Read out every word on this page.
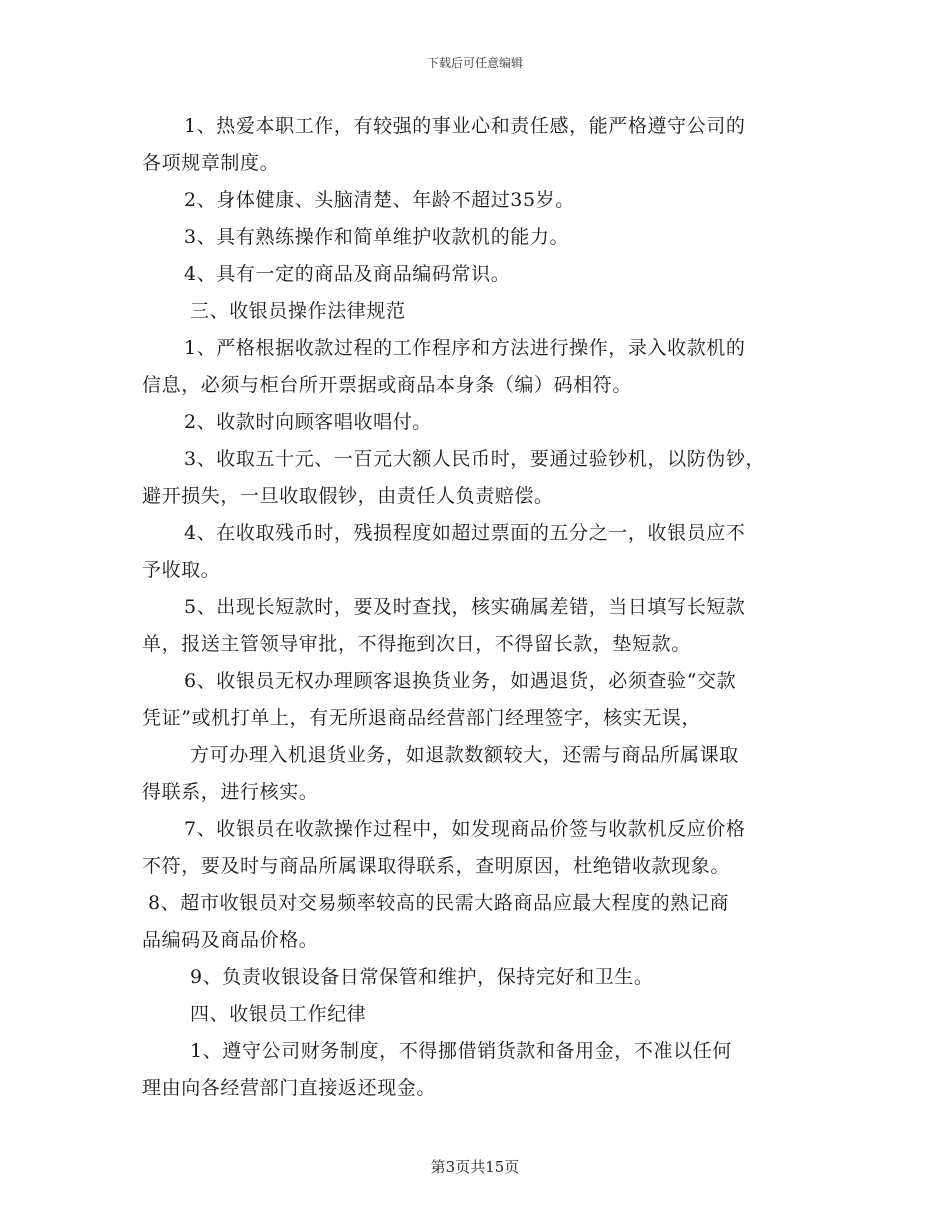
下载后可任意编辑
1、热爱本职工作，有较强的事业心和责任感，能严格遵守公司的
各项规章制度。
2、身体健康、头脑清楚、年龄不超过35岁。
3、具有熟练操作和简单维护收款机的能力。
4、具有一定的商品及商品编码常识。
三、收银员操作法律规范
1、严格根据收款过程的工作程序和方法进行操作，录入收款机的
信息，必须与柜台所开票据或商品本身条（编）码相符。
2、收款时向顾客唱收唱付。
3、收取五十元、一百元大额人民币时，要通过验钞机，以防伪钞，
避开损失，一旦收取假钞，由责任人负责赔偿。
4、在收取残币时，残损程度如超过票面的五分之一，收银员应不
予收取。
5、出现长短款时，要及时查找，核实确属差错，当日填写长短款
单，报送主管领导审批，不得拖到次日，不得留长款，垫短款。
6、收银员无权办理顾客退换货业务，如遇退货，必须查验“交款
凭证”或机打单上，有无所退商品经营部门经理签字，核实无误，
方可办理入机退货业务，如退款数额较大，还需与商品所属课取
得联系，进行核实。
7、收银员在收款操作过程中，如发现商品价签与收款机反应价格
不符，要及时与商品所属课取得联系，查明原因，杜绝错收款现象。
8、超市收银员对交易频率较高的民需大路商品应最大程度的熟记商
品编码及商品价格。
9、负责收银设备日常保管和维护，保持完好和卫生。
四、收银员工作纪律
1、遵守公司财务制度，不得挪借销货款和备用金，不准以任何
理由向各经营部门直接返还现金。
第3页共15页
